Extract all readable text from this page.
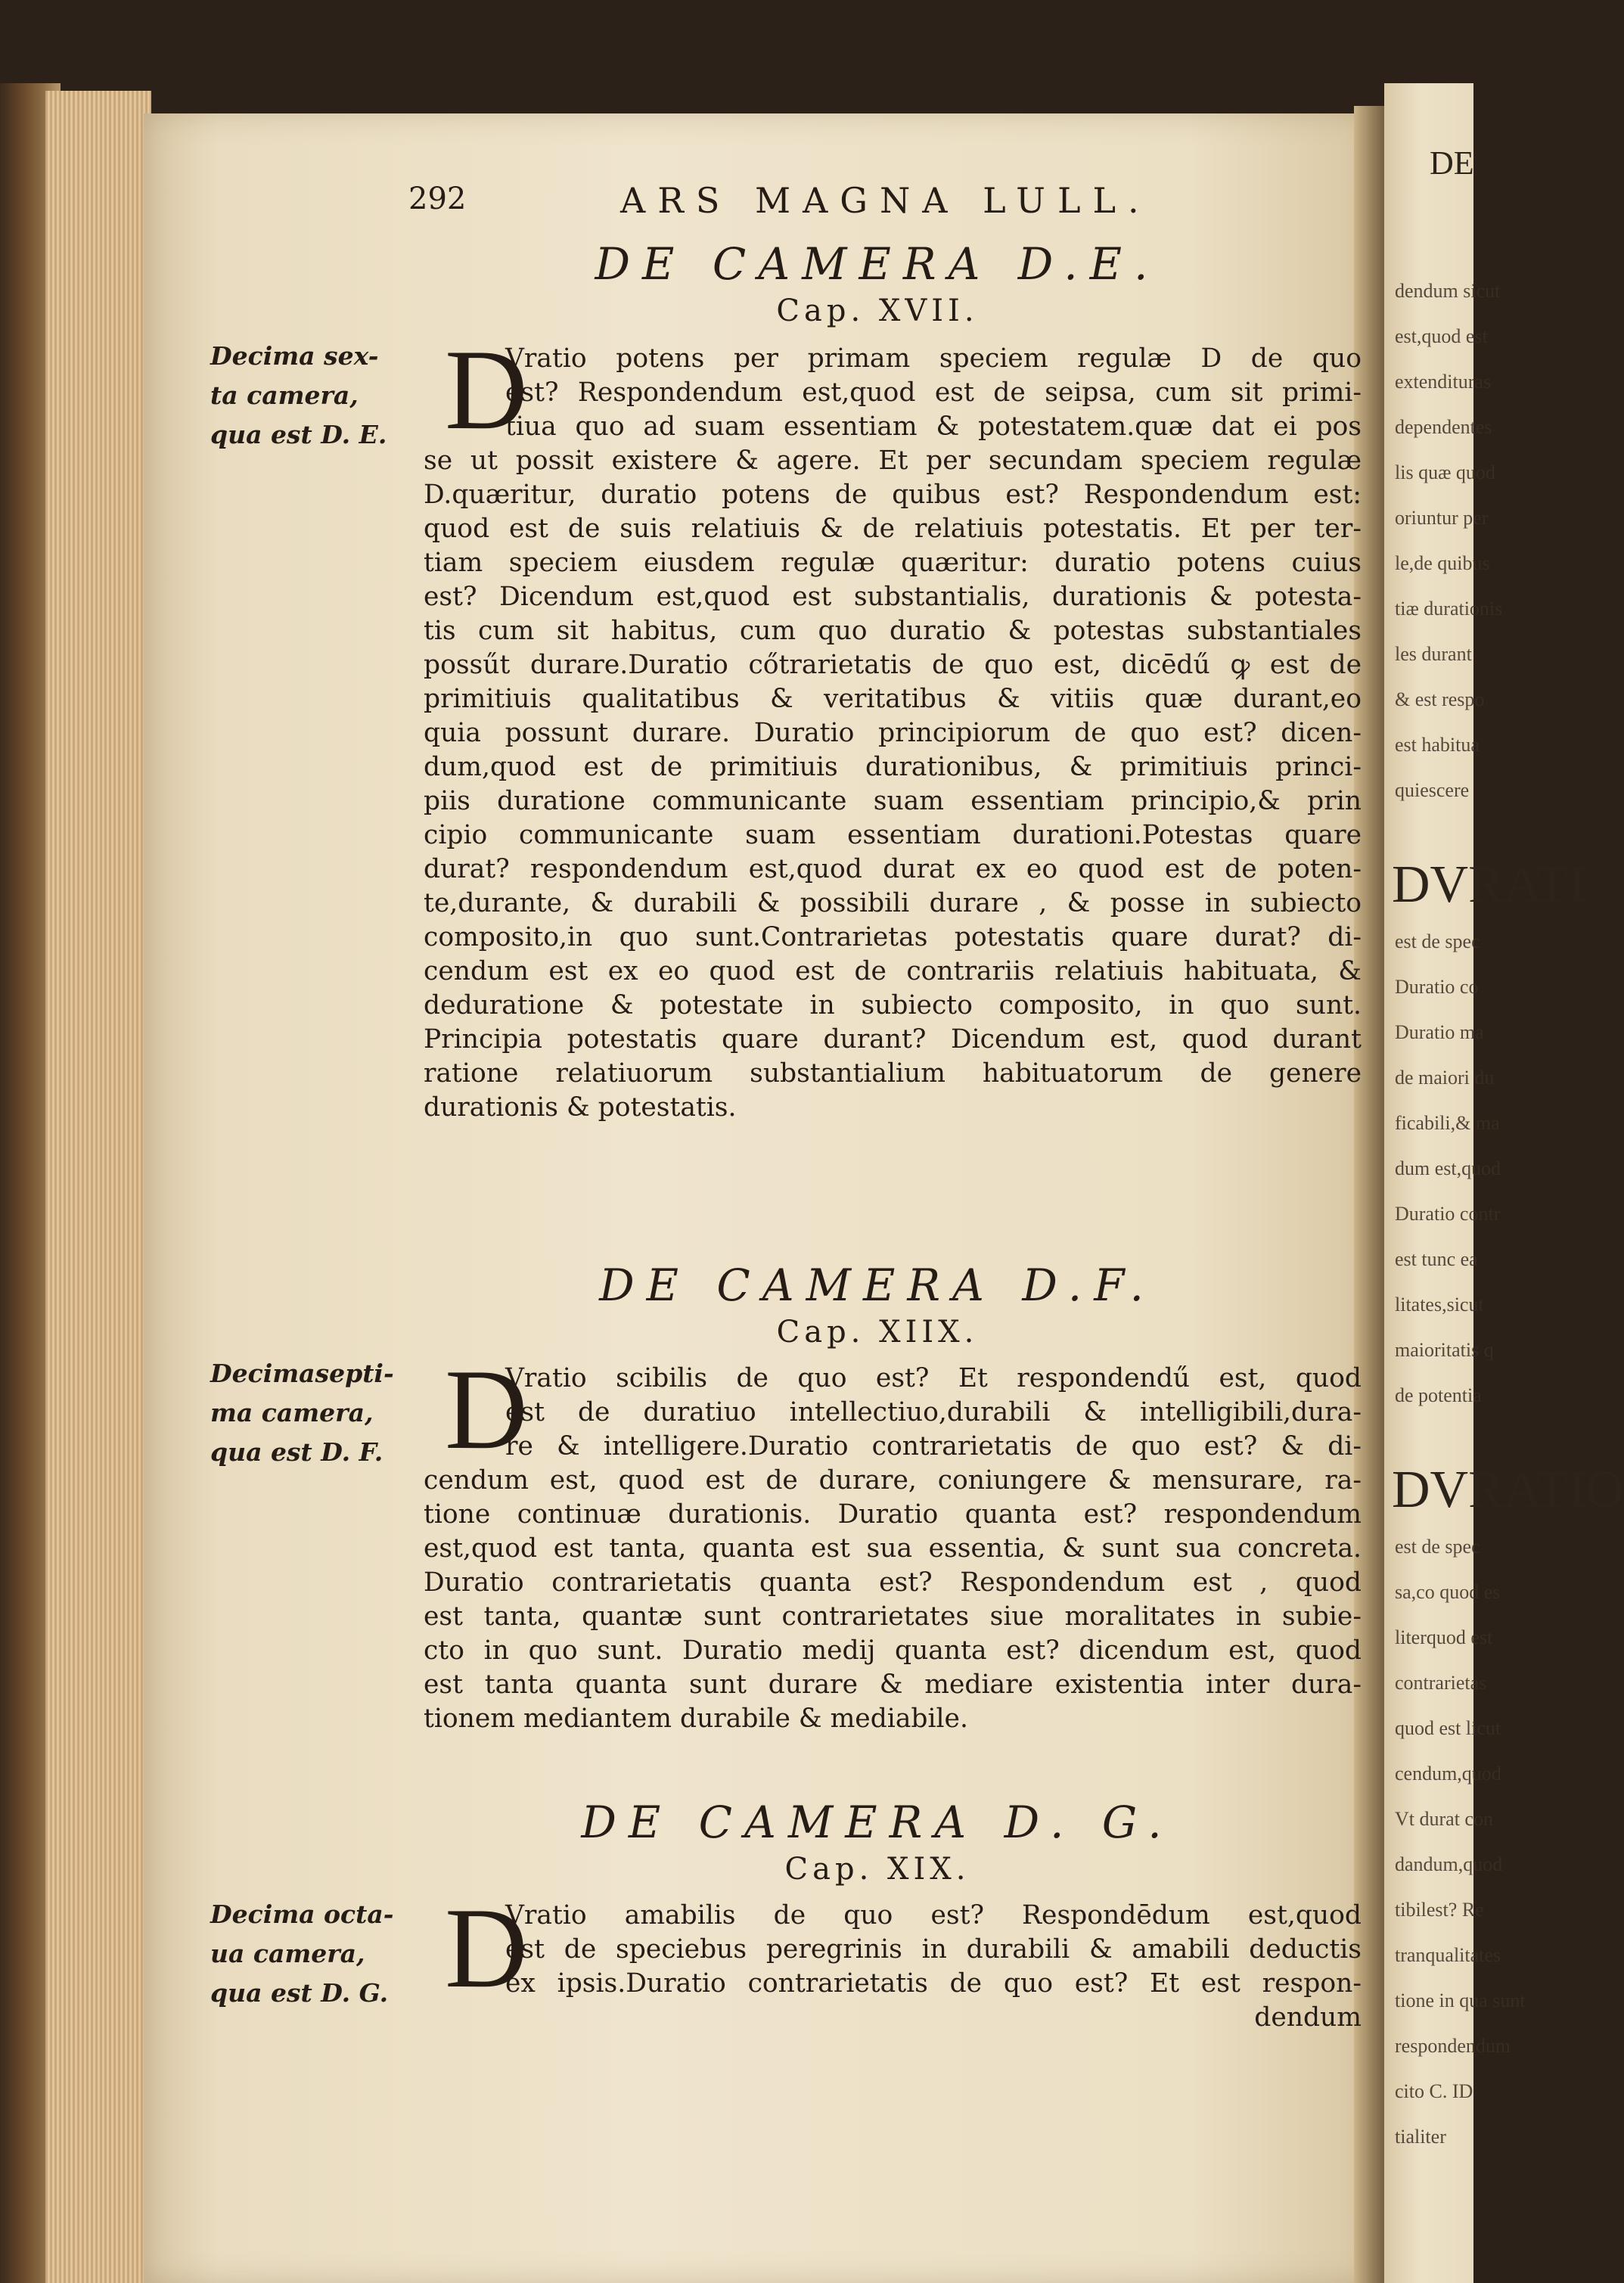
DE
dendum sicut
est,quod est
extendituras
dependentes
lis quæ quod
oriuntur per
le,de quibus
tiæ durationis
les durant
& est respo
est habitua
quiescere
DVRATI
est de spec
Duratio co
Duratio ma
de maiori du
ficabili,& ma
dum est,quod
Duratio contr
est tunc ea
litates,sicut
maioritatis q
de potentia
DVRATIO
est de spec
sa,co quod es
literquod est
contrarietas
quod est licut
cendum,quod
Vt durat con
dandum,quod
tibilest? Re
tranqualitates
tione in qua sunt
respondendum
cito C. ID
tialiter
292	ARS MAGNA LULL.
DE CAMERA D.E.
Cap. XVII.
Decima sex-
ta camera,
qua est D. E. D
Vratio potens per primam speciem regulæ D de quo
est? Respondendum est,quod est de seipsa, cum sit primi-
tiua quo ad suam essentiam & potestatem.quæ dat ei pos
se ut possit existere & agere. Et per secundam speciem regulæ
D.quæritur, duratio potens de quibus est? Respondendum est:
quod est de suis relatiuis & de relatiuis potestatis. Et per ter-
tiam speciem eiusdem regulæ quæritur: duratio potens cuius
est? Dicendum est,quod est substantialis, durationis & potesta-
tis cum sit habitus, cum quo duratio & potestas substantiales
possűt durare.Duratio cőtrarietatis de quo est, dicēdű ꝙ est de
primitiuis qualitatibus & veritatibus & vitiis quæ durant,eo
quia possunt durare. Duratio principiorum de quo est? dicen-
dum,quod est de primitiuis durationibus, & primitiuis princi-
piis duratione communicante suam essentiam principio,& prin
cipio communicante suam essentiam durationi.Potestas quare
durat? respondendum est,quod durat ex eo quod est de poten-
te,durante, & durabili & possibili durare , & posse in subiecto
composito,in quo sunt.Contrarietas potestatis quare durat? di-
cendum est ex eo quod est de contrariis relatiuis habituata, &
deduratione & potestate in subiecto composito, in quo sunt.
Principia potestatis quare durant? Dicendum est, quod durant
ratione relatiuorum substantialium habituatorum de genere
durationis & potestatis.
DE CAMERA D.F.
Cap. XIIX.
Decimasepti-
ma camera,
qua est D. F. D
Vratio scibilis de quo est? Et respondendű est, quod
est de duratiuo intellectiuo,durabili & intelligibili,durа-
re & intelligere.Duratio contrarietatis de quo est? & di-
cendum est, quod est de durare, coniungere & mensurare, ra-
tione continuæ durationis. Duratio quanta est? respondendum
est,quod est tanta, quanta est sua essentia, & sunt sua concreta.
Duratio contrarietatis quanta est? Respondendum est , quod
est tanta, quantæ sunt contrarietates siue moralitates in subie-
cto in quo sunt. Duratio medij quanta est? dicendum est, quod
est tanta quanta sunt durare & mediare existentia inter dura-
tionem mediantem durabile & mediabile.
DE CAMERA D. G.
Cap. XIX.
Decima octa-
ua camera,
qua est D. G. D
Vratio amabilis de quo est? Respondēdum est,quod
est de speciebus peregrinis in durabili & amabili deductis
ex ipsis.Duratio contrarietatis de quo est? Et est respon-
dendum
